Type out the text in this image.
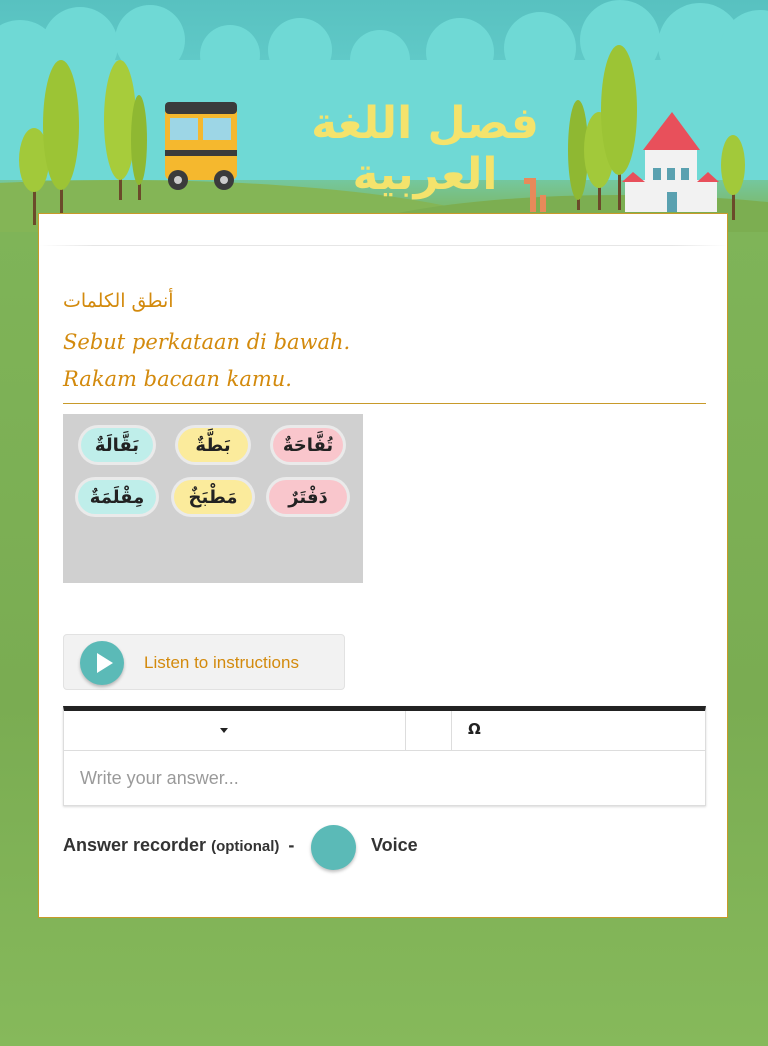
فصل اللغة العربية
أنطق الكلمات
Sebut perkataan di bawah.
Rakam bacaan kamu.
تُفَّاحَةٌ
بَطَّةٌ
بَقَّالَةٌ
دَفْتَرٌ
مَطْبَخٌ
مِقْلَمَةٌ
Listen to instructions
Ω
Write your answer...
Answer recorder (optional) -	Voice
